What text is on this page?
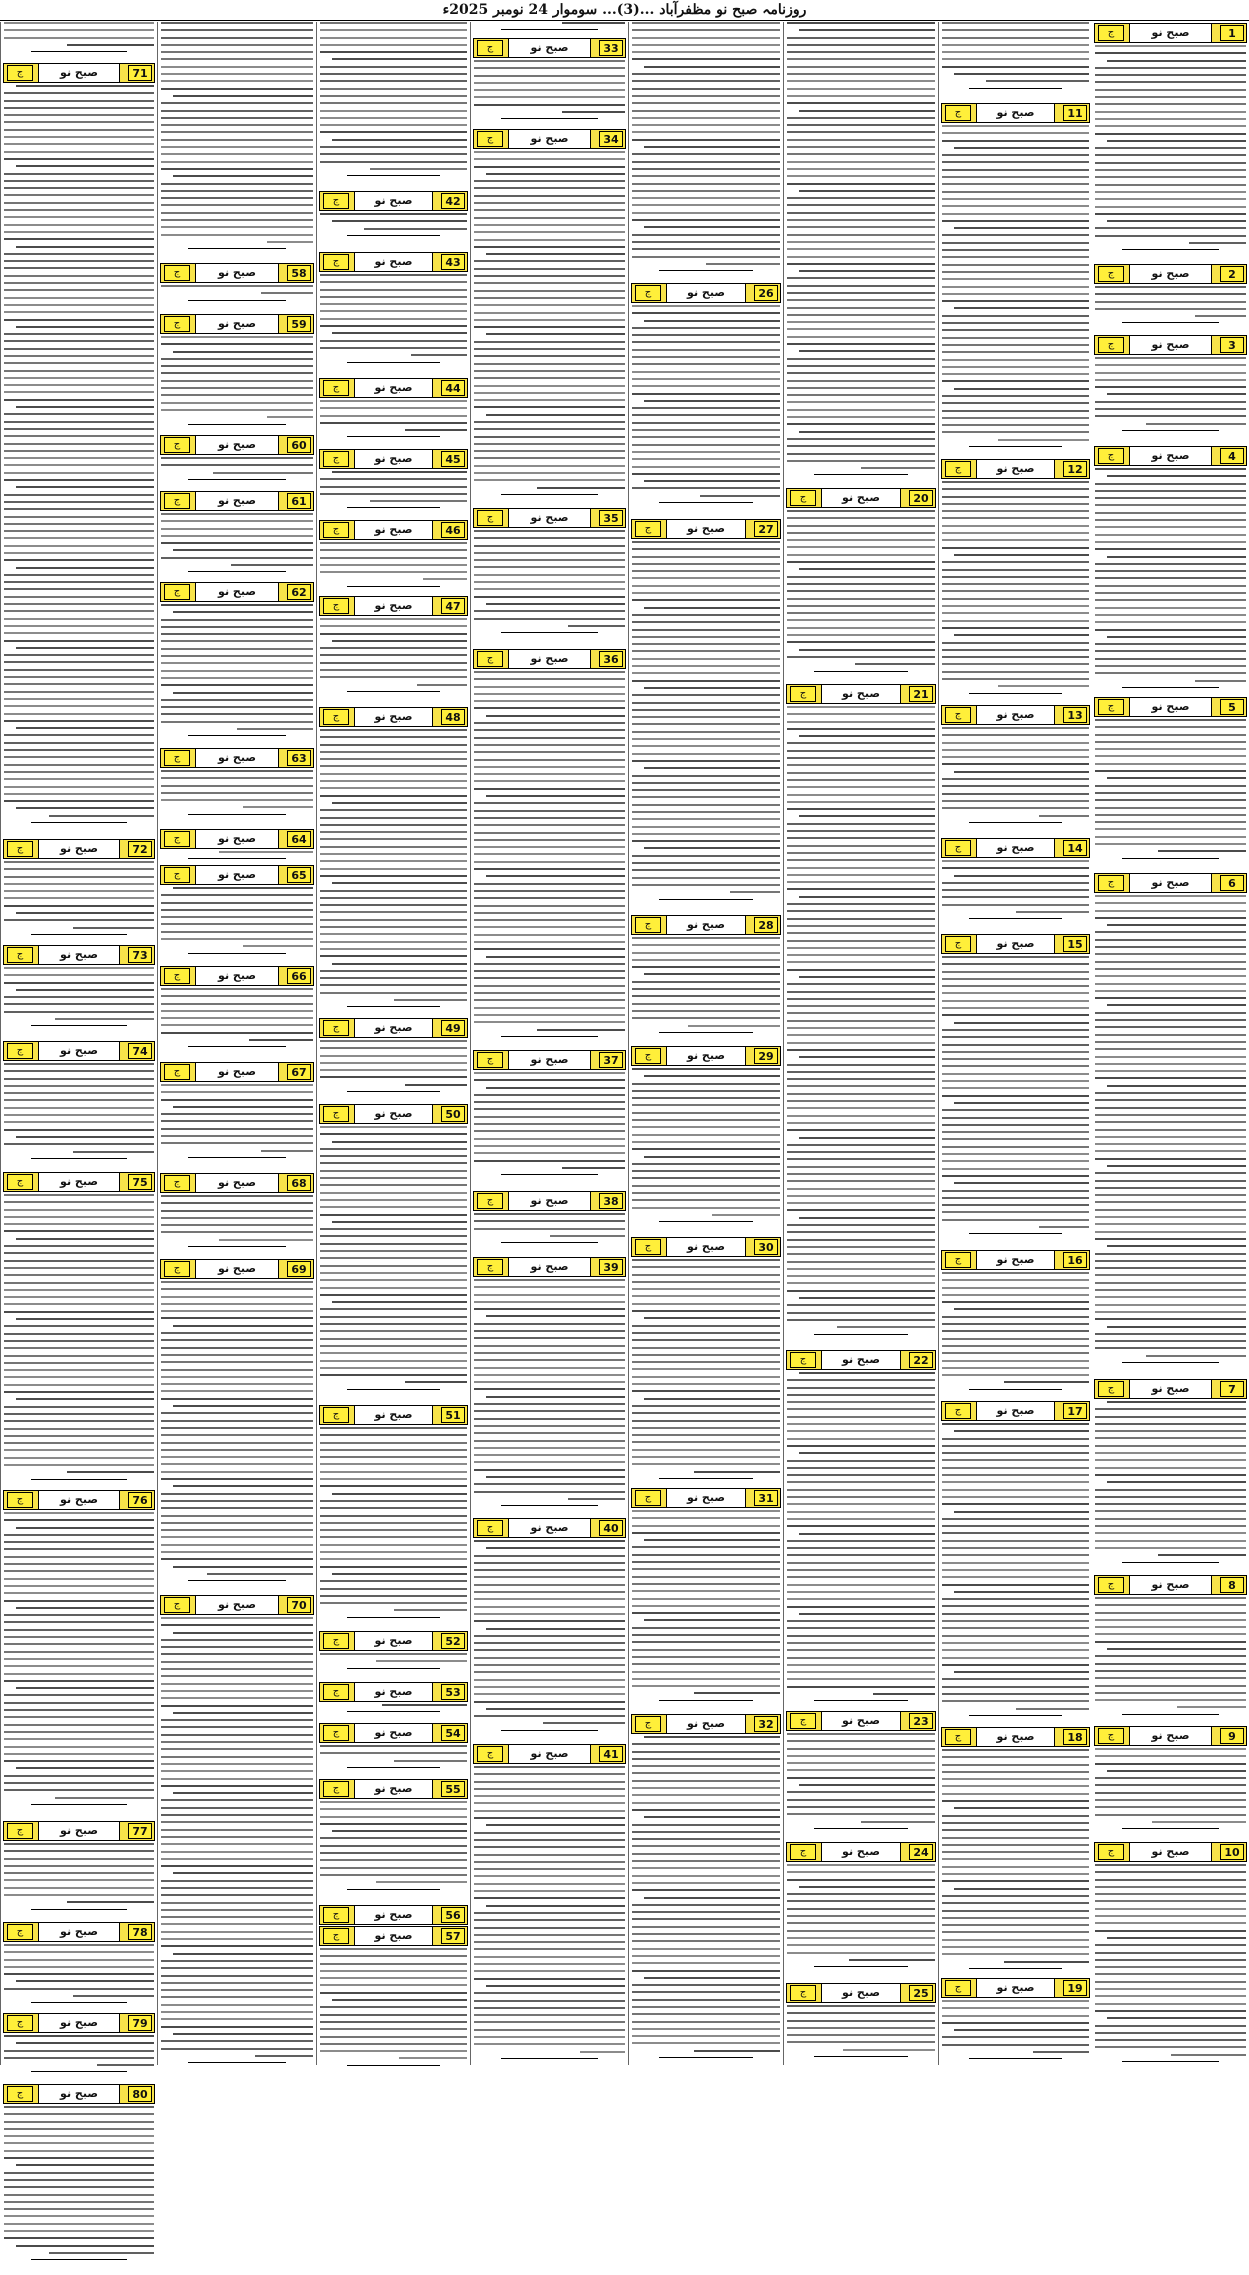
روزنامہ صبح نو مظفرآباد ...(3)... سوموار 24 نومبر 2025ء
1
صبح نو
ج
2
صبح نو
ج
3
صبح نو
ج
4
صبح نو
ج
5
صبح نو
ج
6
صبح نو
ج
7
صبح نو
ج
8
صبح نو
ج
9
صبح نو
ج
10
صبح نو
ج
11
صبح نو
ج
12
صبح نو
ج
13
صبح نو
ج
14
صبح نو
ج
15
صبح نو
ج
16
صبح نو
ج
17
صبح نو
ج
18
صبح نو
ج
19
صبح نو
ج
20
صبح نو
ج
21
صبح نو
ج
22
صبح نو
ج
23
صبح نو
ج
24
صبح نو
ج
25
صبح نو
ج
26
صبح نو
ج
27
صبح نو
ج
28
صبح نو
ج
29
صبح نو
ج
30
صبح نو
ج
31
صبح نو
ج
32
صبح نو
ج
33
صبح نو
ج
34
صبح نو
ج
35
صبح نو
ج
36
صبح نو
ج
37
صبح نو
ج
38
صبح نو
ج
39
صبح نو
ج
40
صبح نو
ج
41
صبح نو
ج
42
صبح نو
ج
43
صبح نو
ج
44
صبح نو
ج
45
صبح نو
ج
46
صبح نو
ج
47
صبح نو
ج
48
صبح نو
ج
49
صبح نو
ج
50
صبح نو
ج
51
صبح نو
ج
52
صبح نو
ج
53
صبح نو
ج
54
صبح نو
ج
55
صبح نو
ج
56
صبح نو
ج
57
صبح نو
ج
58
صبح نو
ج
59
صبح نو
ج
60
صبح نو
ج
61
صبح نو
ج
62
صبح نو
ج
63
صبح نو
ج
64
صبح نو
ج
65
صبح نو
ج
66
صبح نو
ج
67
صبح نو
ج
68
صبح نو
ج
69
صبح نو
ج
70
صبح نو
ج
71
صبح نو
ج
72
صبح نو
ج
73
صبح نو
ج
74
صبح نو
ج
75
صبح نو
ج
76
صبح نو
ج
77
صبح نو
ج
78
صبح نو
ج
79
صبح نو
ج
80
صبح نو
ج
